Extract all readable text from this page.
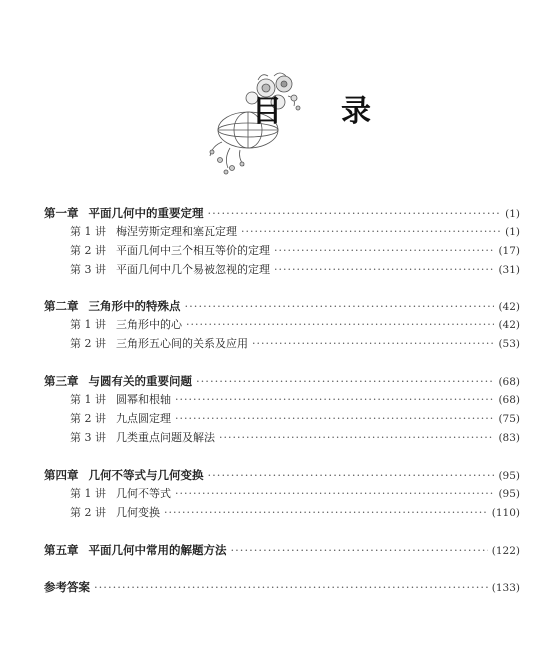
目 录
第一章 平面几何中的重要定理 ·····	(1)
第 1 讲 梅涅劳斯定理和塞瓦定理 ·····	(1)
第 2 讲 平面几何中三个相互等价的定理 ·····	(17)
第 3 讲 平面几何中几个易被忽视的定理 ·····	(31)
第二章 三角形中的特殊点 ·····	(42)
第 1 讲 三角形中的心 ·····	(42)
第 2 讲 三角形五心间的关系及应用 ·····	(53)
第三章 与圆有关的重要问题 ·····	(68)
第 1 讲 圆幂和根轴 ·····	(68)
第 2 讲 九点圆定理 ·····	(75)
第 3 讲 几类重点问题及解法 ·····	(83)
第四章 几何不等式与几何变换 ·····	(95)
第 1 讲 几何不等式 ·····	(95)
第 2 讲 几何变换 ·····	(110)
第五章 平面几何中常用的解题方法 ·····	(122)
参考答案 ·····	(133)
